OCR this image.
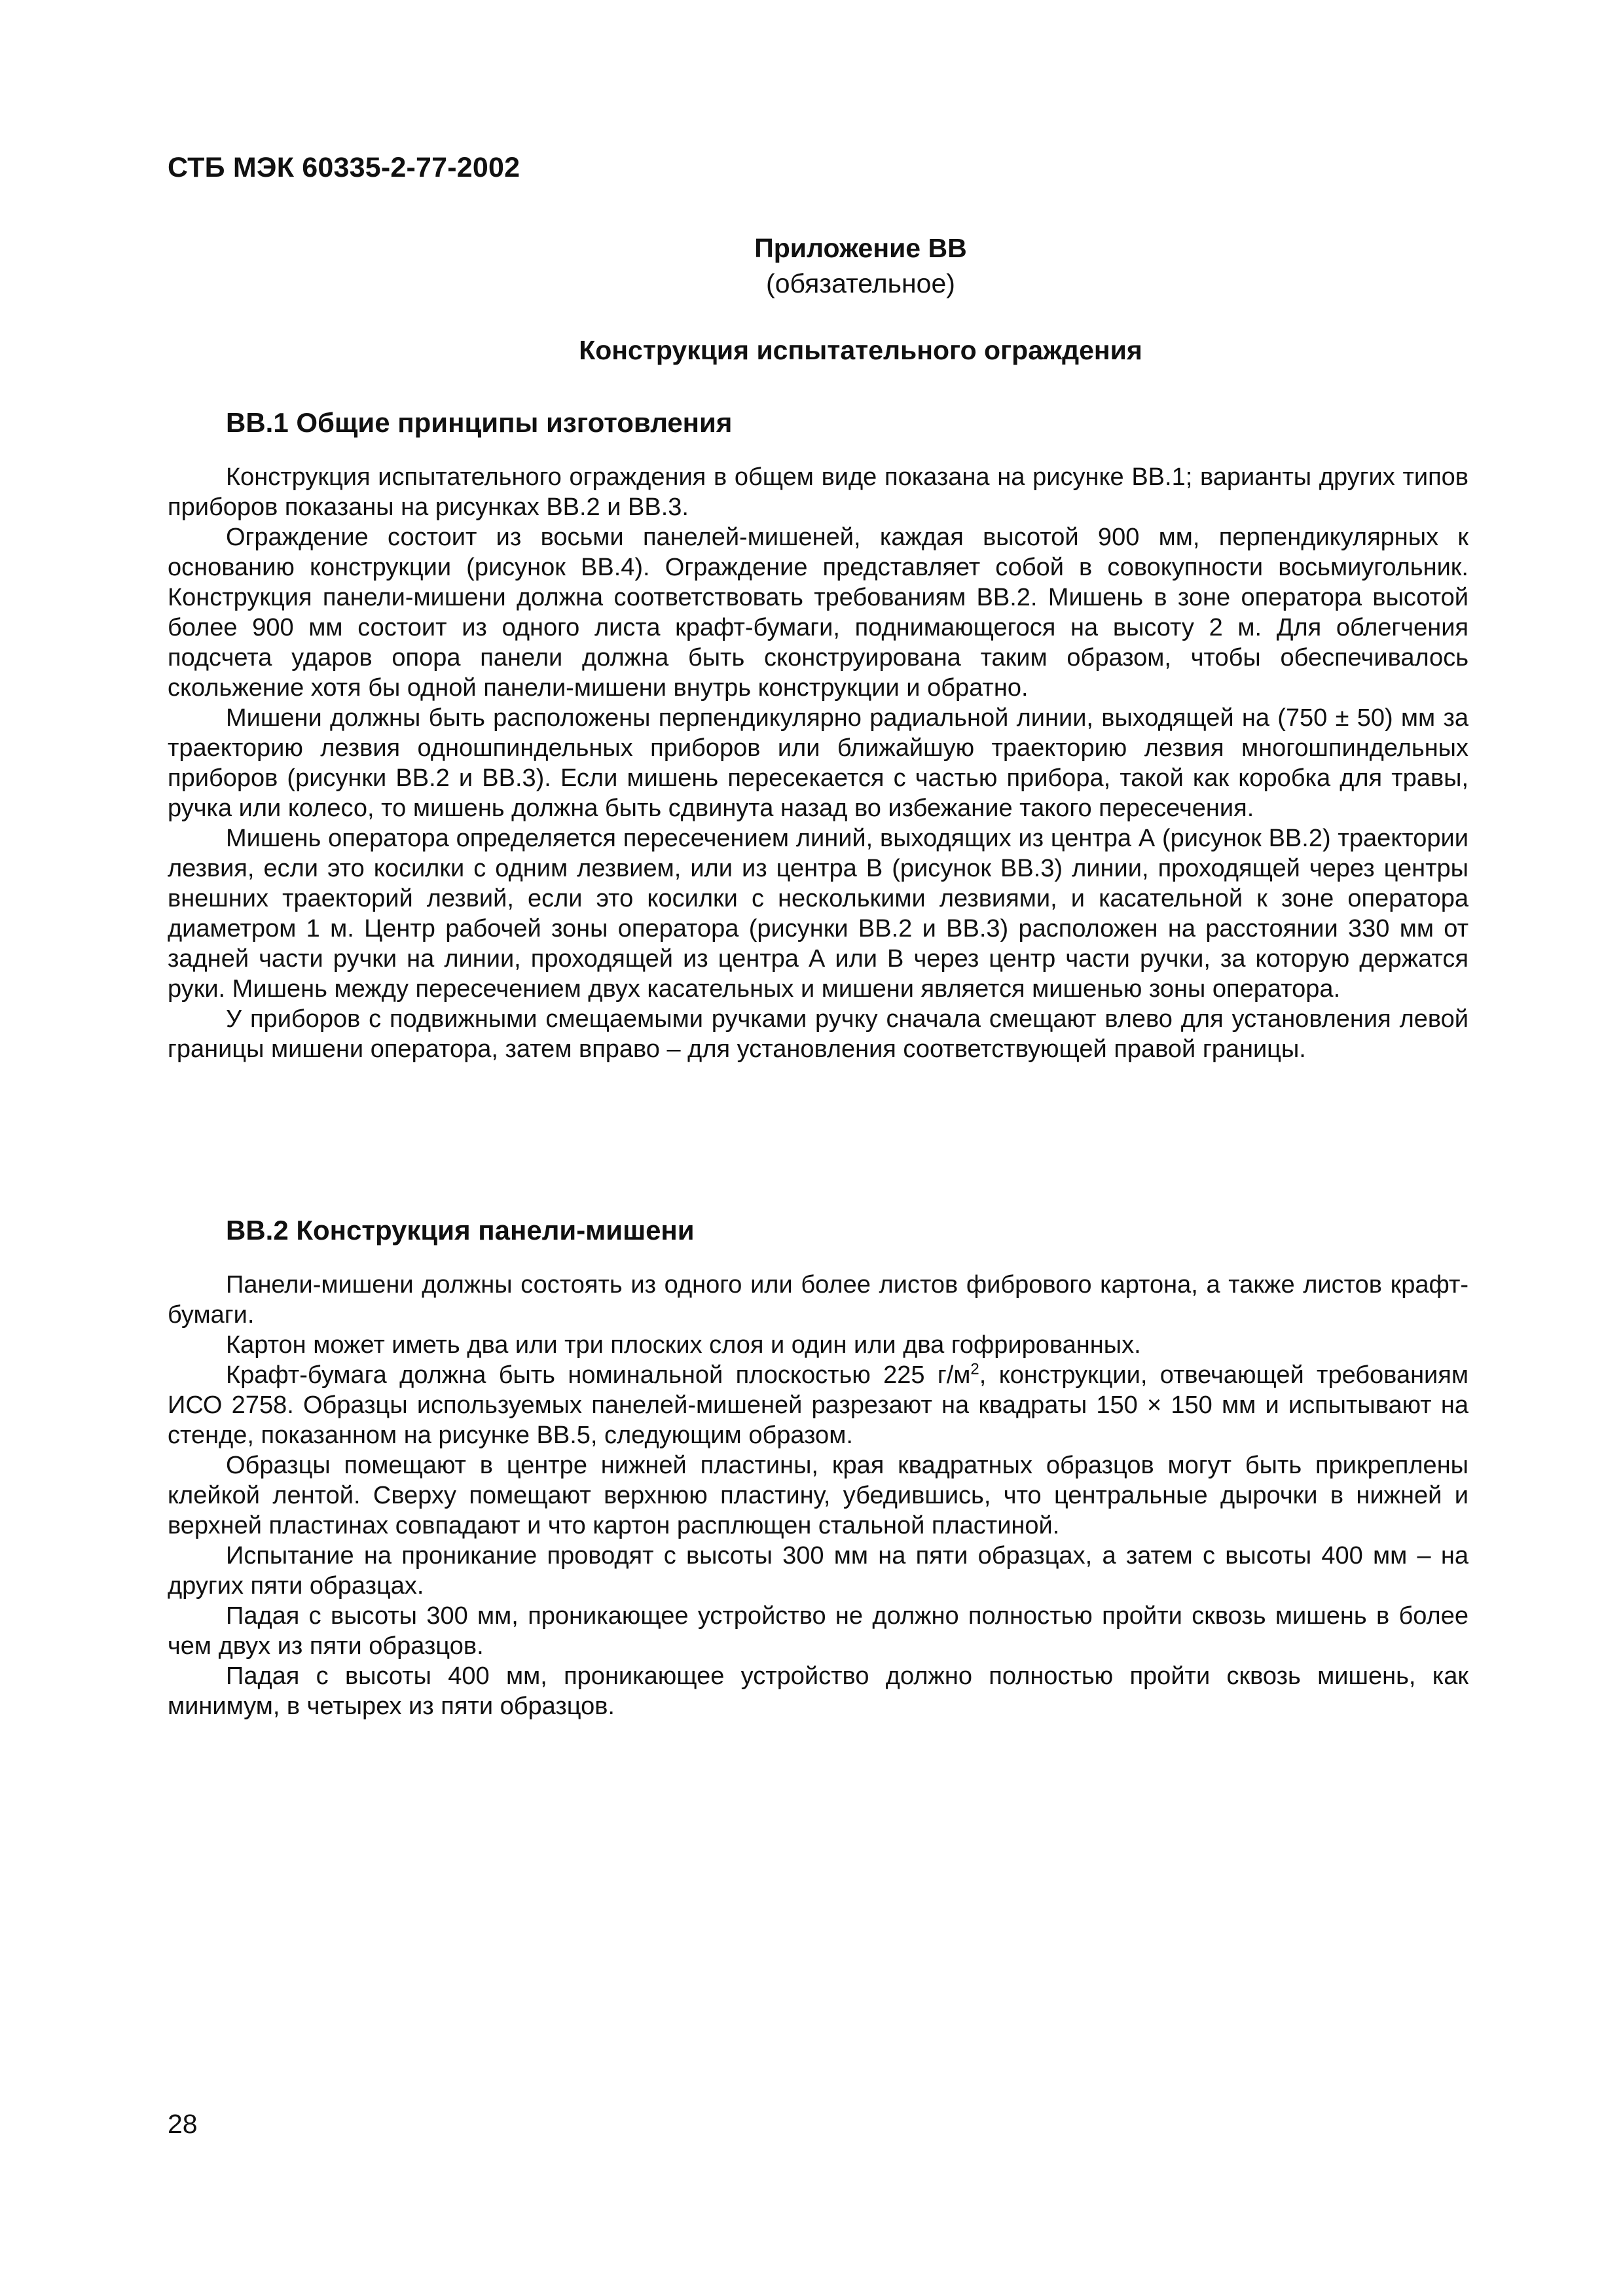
СТБ МЭК 60335-2-77-2002
Приложение ВВ
(обязательное)
Конструкция испытательного ограждения
ВВ.1 Общие принципы изготовления

Конструкция испытательного ограждения в общем виде показана на рисунке ВВ.1; варианты других типов приборов показаны на рисунках ВВ.2 и ВВ.3.

Ограждение состоит из восьми панелей-мишеней, каждая высотой 900 мм, перпендикулярных к основанию конструкции (рисунок ВВ.4). Ограждение представляет собой в совокупности восьмиугольник. Конструкция панели-мишени должна соответствовать требованиям ВВ.2. Мишень в зоне оператора высотой более 900 мм состоит из одного листа крафт-бумаги, поднимающегося на высоту 2 м. Для облегчения подсчета ударов опора панели должна быть сконструирована таким образом, чтобы обеспечивалось скольжение хотя бы одной панели-мишени внутрь конструкции и обратно.

Мишени должны быть расположены перпендикулярно радиальной линии, выходящей на (750 ± 50) мм за траекторию лезвия одношпиндельных приборов или ближайшую траекторию лезвия многошпиндельных приборов (рисунки ВВ.2 и ВВ.3). Если мишень пересекается с частью прибора, такой как коробка для травы, ручка или колесо, то мишень должна быть сдвинута назад во избежание такого пересечения.

Мишень оператора определяется пересечением линий, выходящих из центра А (рисунок ВВ.2) траектории лезвия, если это косилки с одним лезвием, или из центра В (рисунок ВВ.3) линии, проходящей через центры внешних траекторий лезвий, если это косилки с несколькими лезвиями, и касательной к зоне оператора диаметром 1 м. Центр рабочей зоны оператора (рисунки ВВ.2 и ВВ.3) расположен на расстоянии 330 мм от задней части ручки на линии, проходящей из центра А или В через центр части ручки, за которую держатся руки. Мишень между пересечением двух касательных и мишени является мишенью зоны оператора.

У приборов с подвижными смещаемыми ручками ручку сначала смещают влево для установления левой границы мишени оператора, затем вправо – для установления соответствующей правой границы.

ВВ.2 Конструкция панели-мишени

Панели-мишени должны состоять из одного или более листов фибрового картона, а также листов крафт-бумаги.

Картон может иметь два или три плоских слоя и один или два гофрированных.

Крафт-бумага должна быть номинальной плоскостью 225 $г/м^2$, конструкции, отвечающей требованиям ИСО 2758. Образцы используемых панелей-мишеней разрезают на квадраты 150 × 150 мм и испытывают на стенде, показанном на рисунке ВВ.5, следующим образом.

Образцы помещают в центре нижней пластины, края квадратных образцов могут быть прикреплены клейкой лентой. Сверху помещают верхнюю пластину, убедившись, что центральные дырочки в нижней и верхней пластинах совпадают и что картон расплющен стальной пластиной.

Испытание на проникание проводят с высоты 300 мм на пяти образцах, а затем с высоты 400 мм – на других пяти образцах.

Падая с высоты 300 мм, проникающее устройство не должно полностью пройти сквозь мишень в более чем двух из пяти образцов.

Падая с высоты 400 мм, проникающее устройство должно полностью пройти сквозь мишень, как минимум, в четырех из пяти образцов.

28
